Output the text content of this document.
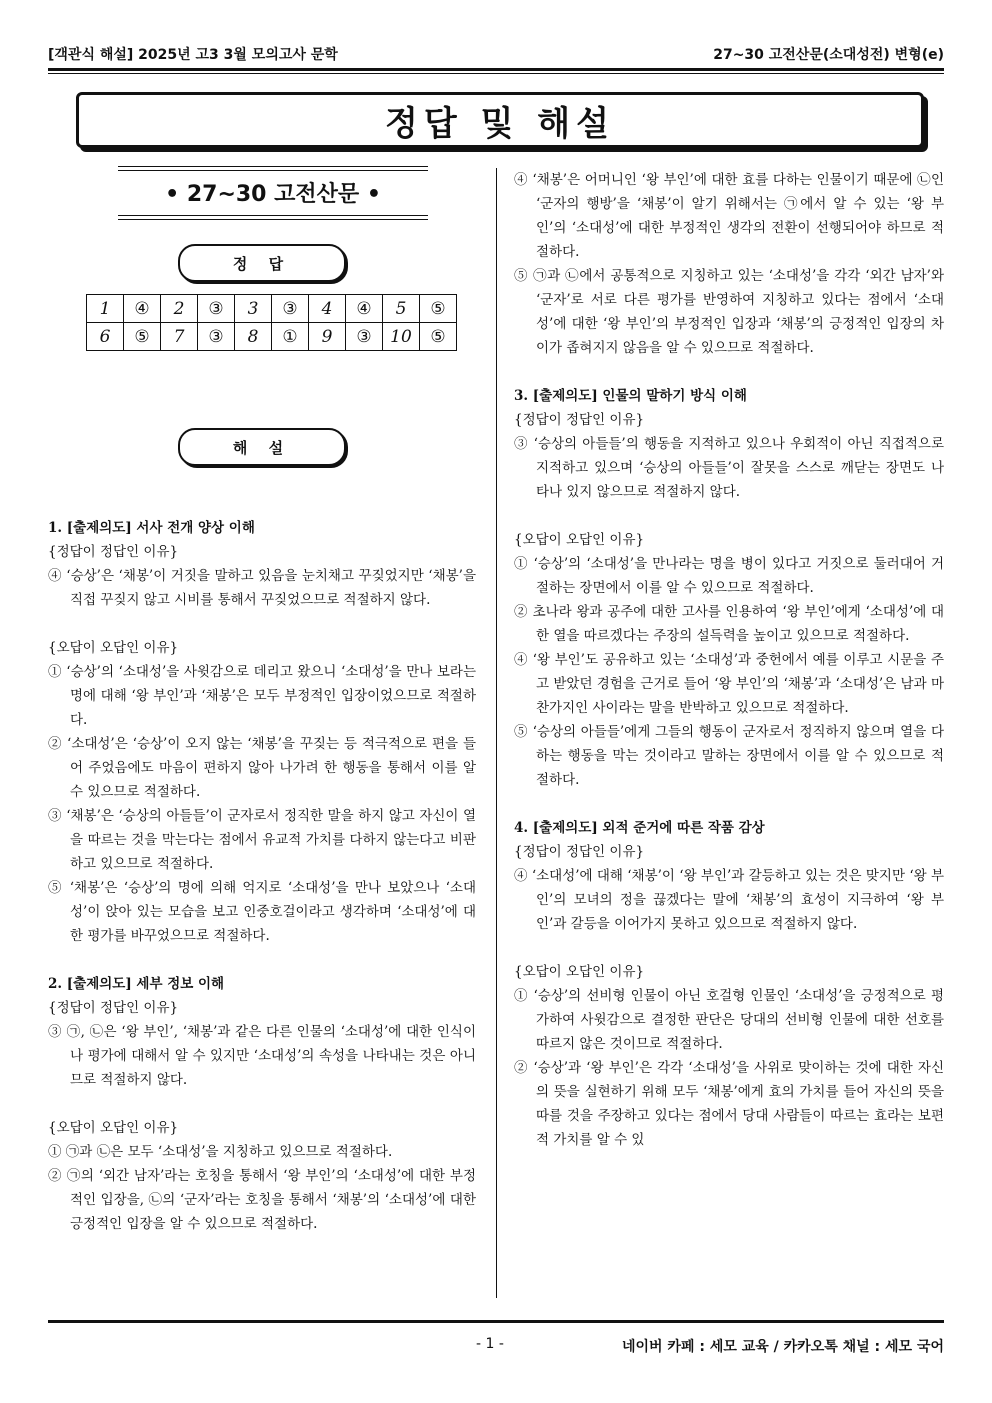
[객관식 해설] 2025년 고3 3월 모의고사 문학	27~30 고전산문(소대성전) 변형(e)
정답 및 해설
• 27~30 고전산문 •
정 답
1	④	2	③	3	③	4	④	5	⑤
6	⑤	7	③	8	①	9	③	10	⑤
해 설
1. [출제의도] 서사 전개 양상 이해
{정답이 정답인 이유}
④ ‘승상’은 ‘채봉’이 거짓을 말하고 있음을 눈치채고 꾸짖었지만 ‘채봉’을 직접 꾸짖지 않고 시비를 통해서 꾸짖었으므로 적절하지 않다.
{오답이 오답인 이유}
① ‘승상’의 ‘소대성’을 사윗감으로 데리고 왔으니 ‘소대성’을 만나 보라는 명에 대해 ‘왕 부인’과 ‘채봉’은 모두 부정적인 입장이었으므로 적절하다.
② ‘소대성’은 ‘승상’이 오지 않는 ‘채봉’을 꾸짖는 등 적극적으로 편을 들어 주었음에도 마음이 편하지 않아 나가려 한 행동을 통해서 이를 알 수 있으므로 적절하다.
③ ‘채봉’은 ‘승상의 아들들’이 군자로서 정직한 말을 하지 않고 자신이 열을 따르는 것을 막는다는 점에서 유교적 가치를 다하지 않는다고 비판하고 있으므로 적절하다.
⑤ ‘채봉’은 ‘승상’의 명에 의해 억지로 ‘소대성’을 만나 보았으나 ‘소대성’이 앉아 있는 모습을 보고 인중호걸이라고 생각하며 ‘소대성’에 대한 평가를 바꾸었으므로 적절하다.
2. [출제의도] 세부 정보 이해
{정답이 정답인 이유}
③ ㉠, ㉡은 ‘왕 부인’, ‘채봉’과 같은 다른 인물의 ‘소대성’에 대한 인식이나 평가에 대해서 알 수 있지만 ‘소대성’의 속성을 나타내는 것은 아니므로 적절하지 않다.
{오답이 오답인 이유}
① ㉠과 ㉡은 모두 ‘소대성’을 지칭하고 있으므로 적절하다.
② ㉠의 ‘외간 남자’라는 호칭을 통해서 ‘왕 부인’의 ‘소대성’에 대한 부정적인 입장을, ㉡의 ‘군자’라는 호칭을 통해서 ‘채봉’의 ‘소대성’에 대한 긍정적인 입장을 알 수 있으므로 적절하다.
④ ‘채봉’은 어머니인 ‘왕 부인’에 대한 효를 다하는 인물이기 때문에 ㉡인 ‘군자의 행방’을 ‘채봉’이 알기 위해서는 ㉠에서 알 수 있는 ‘왕 부인’의 ‘소대성’에 대한 부정적인 생각의 전환이 선행되어야 하므로 적절하다.
⑤ ㉠과 ㉡에서 공통적으로 지칭하고 있는 ‘소대성’을 각각 ‘외간 남자’와 ‘군자’로 서로 다른 평가를 반영하여 지칭하고 있다는 점에서 ‘소대성’에 대한 ‘왕 부인’의 부정적인 입장과 ‘채봉’의 긍정적인 입장의 차이가 좁혀지지 않음을 알 수 있으므로 적절하다.
3. [출제의도] 인물의 말하기 방식 이해
{정답이 정답인 이유}
③ ‘승상의 아들들’의 행동을 지적하고 있으나 우회적이 아닌 직접적으로 지적하고 있으며 ‘승상의 아들들’이 잘못을 스스로 깨닫는 장면도 나타나 있지 않으므로 적절하지 않다.
{오답이 오답인 이유}
① ‘승상’의 ‘소대성’을 만나라는 명을 병이 있다고 거짓으로 둘러대어 거절하는 장면에서 이를 알 수 있으므로 적절하다.
② 초나라 왕과 공주에 대한 고사를 인용하여 ‘왕 부인’에게 ‘소대성’에 대한 열을 따르겠다는 주장의 설득력을 높이고 있으므로 적절하다.
④ ‘왕 부인’도 공유하고 있는 ‘소대성’과 중헌에서 예를 이루고 시문을 주고 받았던 경험을 근거로 들어 ‘왕 부인’의 ‘채봉’과 ‘소대성’은 남과 마찬가지인 사이라는 말을 반박하고 있으므로 적절하다.
⑤ ‘승상의 아들들’에게 그들의 행동이 군자로서 정직하지 않으며 열을 다하는 행동을 막는 것이라고 말하는 장면에서 이를 알 수 있으므로 적절하다.
4. [출제의도] 외적 준거에 따른 작품 감상
{정답이 정답인 이유}
④ ‘소대성’에 대해 ‘채봉’이 ‘왕 부인’과 갈등하고 있는 것은 맞지만 ‘왕 부인’의 모녀의 정을 끊겠다는 말에 ‘채봉’의 효성이 지극하여 ‘왕 부인’과 갈등을 이어가지 못하고 있으므로 적절하지 않다.
{오답이 오답인 이유}
① ‘승상’의 선비형 인물이 아닌 호걸형 인물인 ‘소대성’을 긍정적으로 평가하여 사윗감으로 결정한 판단은 당대의 선비형 인물에 대한 선호를 따르지 않은 것이므로 적절하다.
② ‘승상’과 ‘왕 부인’은 각각 ‘소대성’을 사위로 맞이하는 것에 대한 자신의 뜻을 실현하기 위해 모두 ‘채봉’에게 효의 가치를 들어 자신의 뜻을 따를 것을 주장하고 있다는 점에서 당대 사람들이 따르는 효라는 보편적 가치를 알 수 있
- 1 -	네이버 카페 : 세모 교육 / 카카오톡 채널 : 세모 국어
